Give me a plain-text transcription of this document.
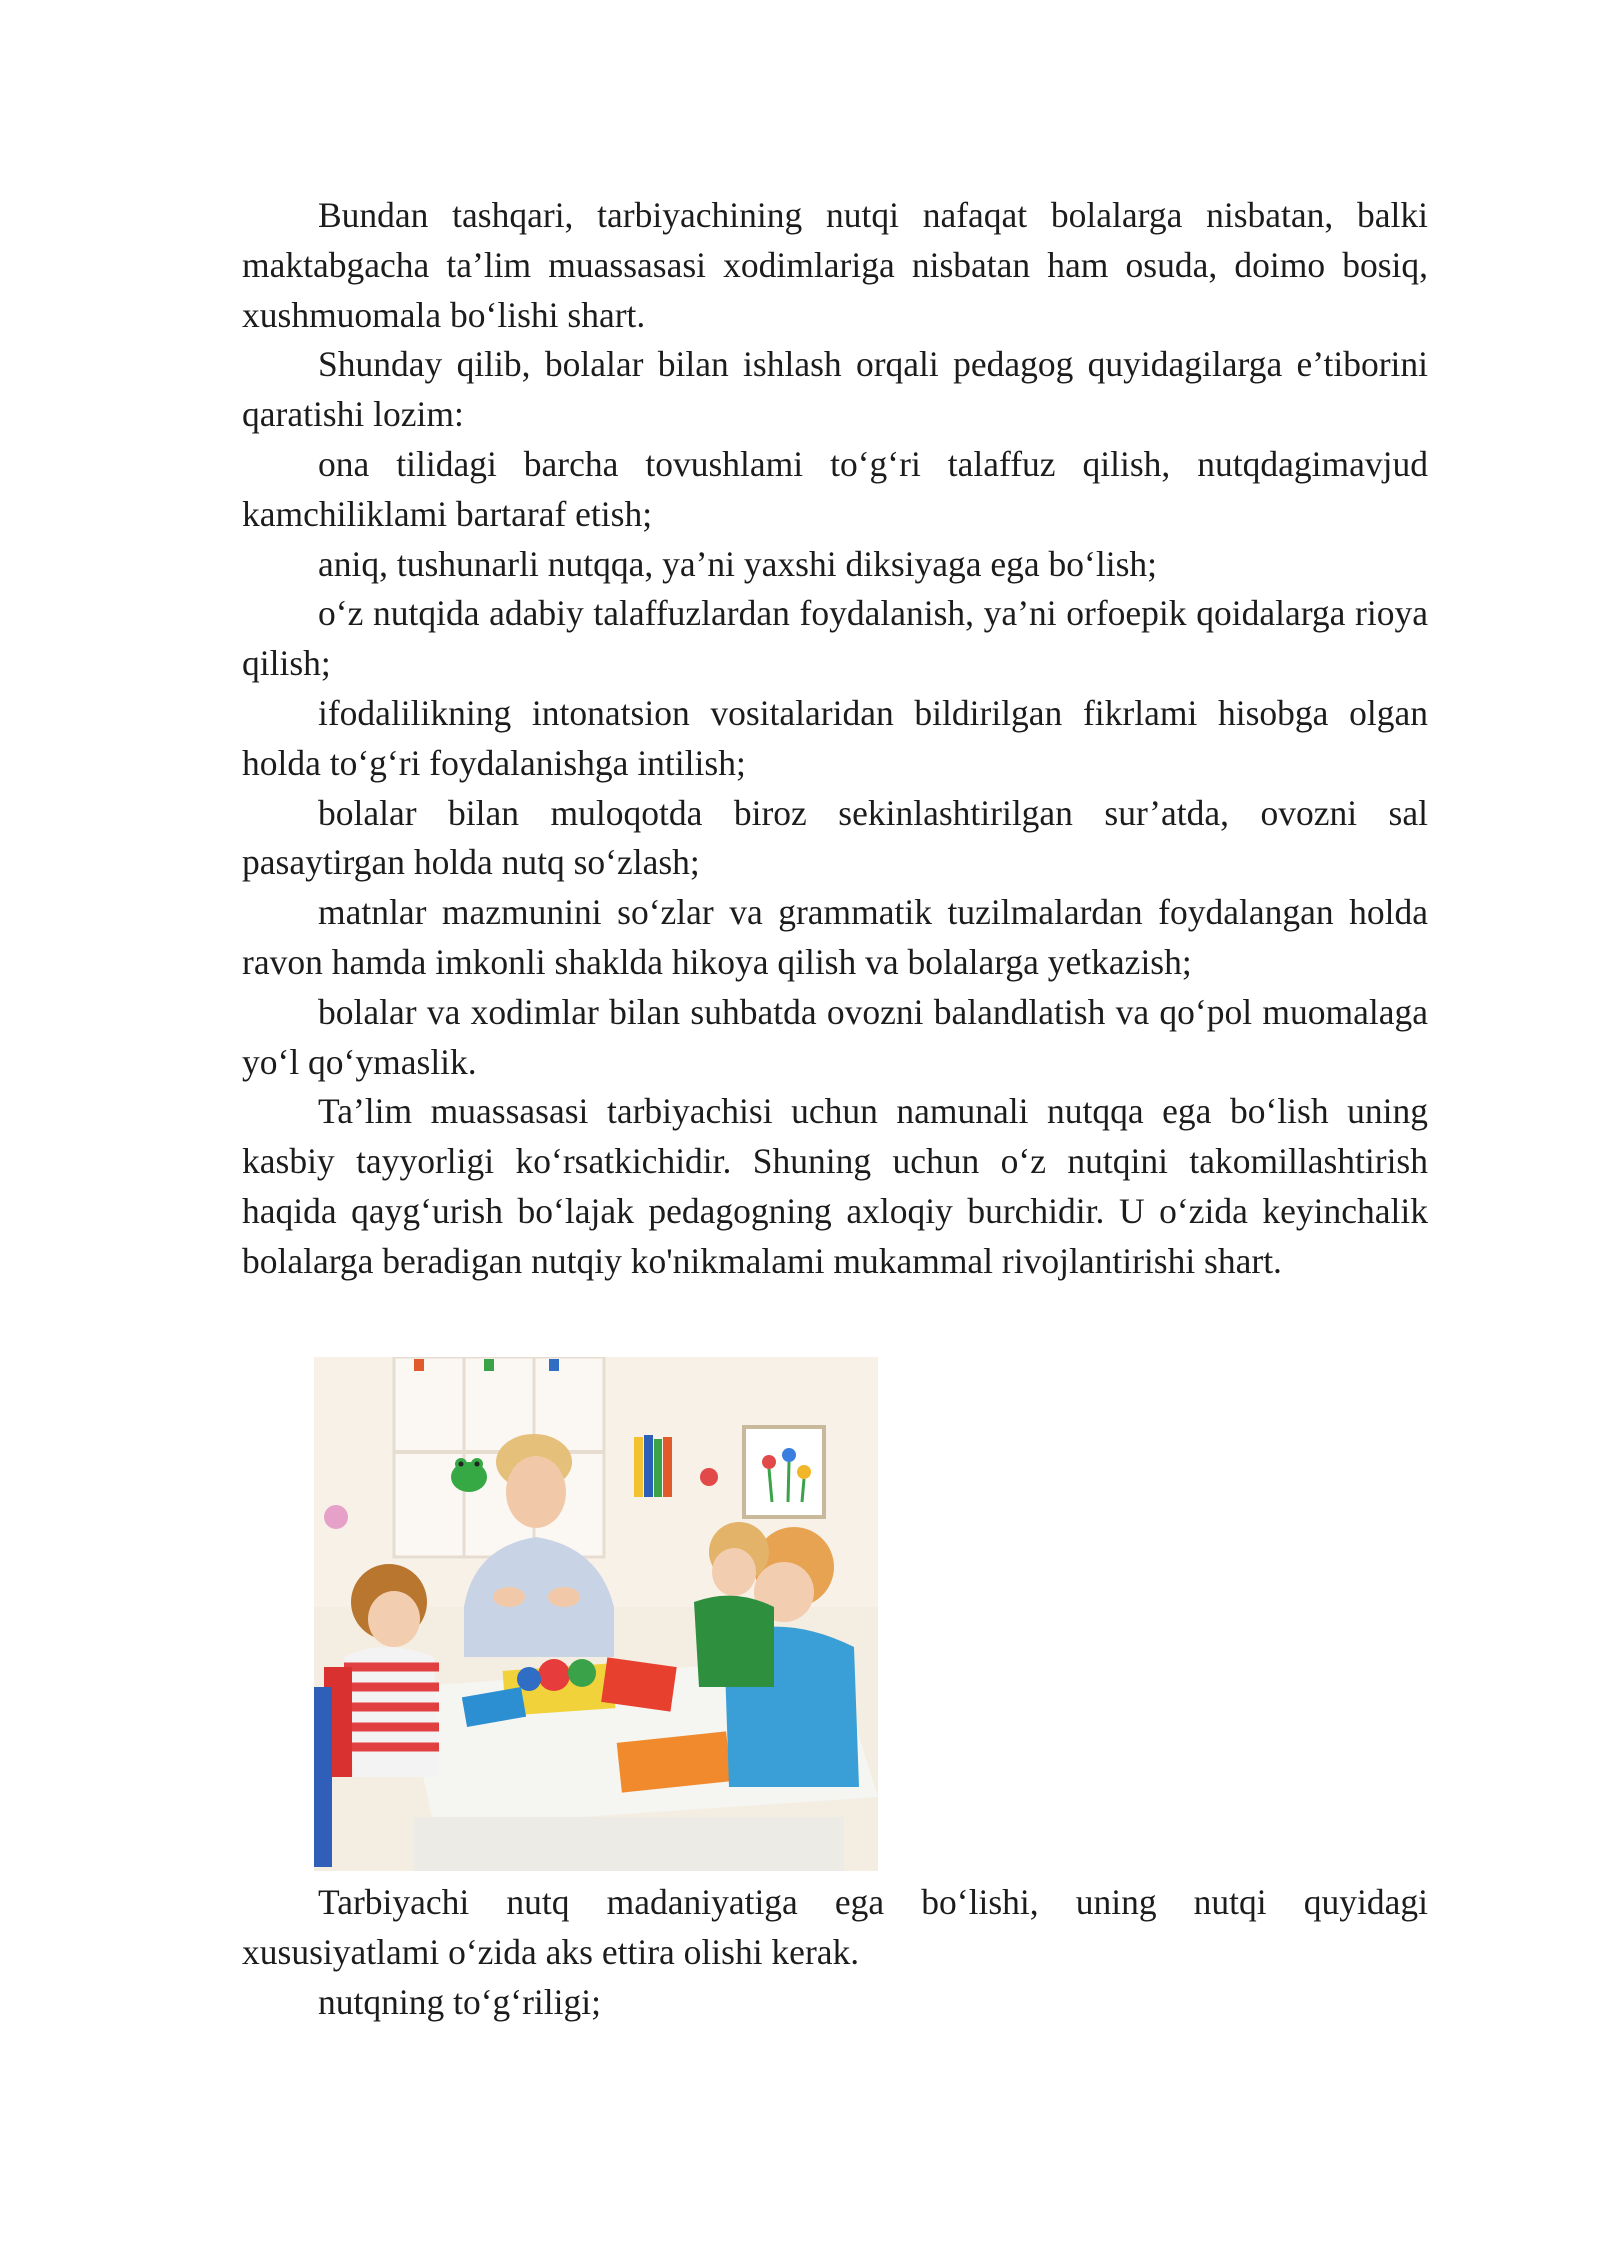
Bundan tashqari, tarbiyachining nutqi nafaqat bolalarga nisbatan, balki maktabgacha ta’lim muassasasi xodimlariga nisbatan ham osuda, doimo bosiq, xushmuomala bo‘lishi shart.

Shunday qilib, bolalar bilan ishlash orqali pedagog quyidagilarga e’tiborini qaratishi lozim:

ona tilidagi barcha tovushlami to‘g‘ri talaffuz qilish, nutqdagimavjud kamchiliklami bartaraf etish;

aniq, tushunarli nutqqa, ya’ni yaxshi diksiyaga ega bo‘lish;

o‘z nutqida adabiy talaffuzlardan foydalanish, ya’ni orfoepik qoidalarga rioya qilish;

ifodalilikning intonatsion vositalaridan bildirilgan fikrlami hisobga olgan holda to‘g‘ri foydalanishga intilish;

bolalar bilan muloqotda biroz sekinlashtirilgan sur’atda, ovozni sal pasaytirgan holda nutq so‘zlash;

matnlar mazmunini so‘zlar va grammatik tuzilmalardan foydalangan holda ravon hamda imkonli shaklda hikoya qilish va bolalarga yetkazish;

bolalar va xodimlar bilan suhbatda ovozni balandlatish va qo‘pol muomalaga yo‘l qo‘ymaslik.

Ta’lim muassasasi tarbiyachisi uchun namunali nutqqa ega bo‘lish uning kasbiy tayyorligi ko‘rsatkichidir. Shuning uchun o‘z nutqini takomillashtirish haqida qayg‘urish bo‘lajak pedagogning axloqiy burchidir. U o‘zida keyinchalik bolalarga beradigan nutqiy ko'nikmalami mukammal rivojlantirishi shart.

Tarbiyachi nutq madaniyatiga ega bo‘lishi, uning nutqi quyidagi xususiyatlami o‘zida aks ettira olishi kerak.

nutqning to‘g‘riligi;
